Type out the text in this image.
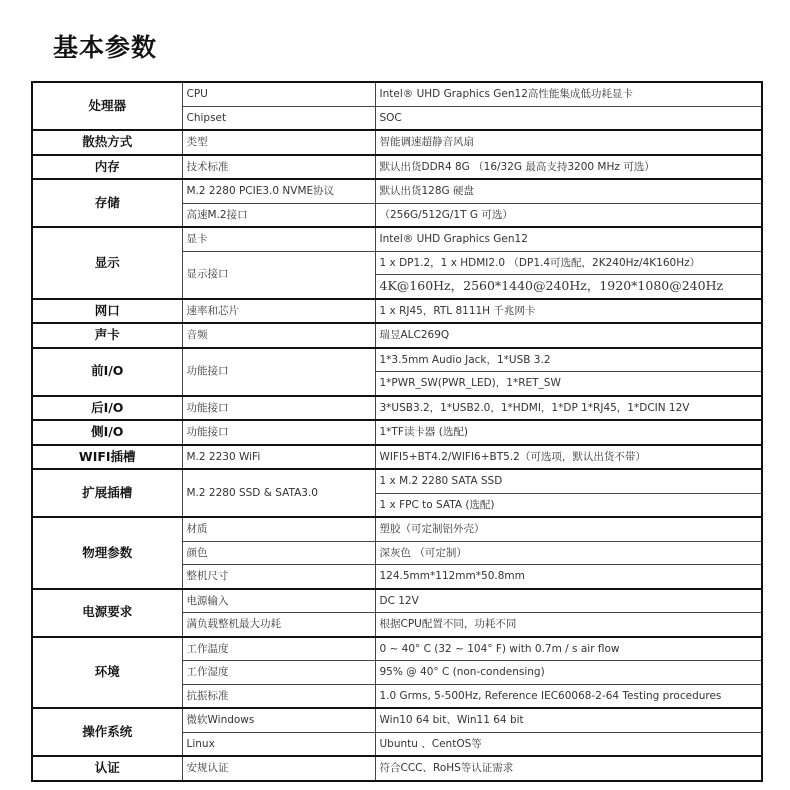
基本参数
处理器	CPU	Intel® UHD Graphics Gen12高性能集成低功耗显卡
	Chipset	SOC
散热方式	类型	智能调速超静音风扇
内存	技术标准	默认出货DDR4 8G （16/32G 最高支持3200 MHz 可选）
存储	M.2 2280 PCIE3.0 NVME协议	默认出货128G 硬盘
	高速M.2接口	（256G/512G/1T G 可选）
显示	显卡	Intel® UHD Graphics Gen12
	显示接口	1 x DP1.2，1 x HDMI2.0 （DP1.4可选配，2K240Hz/4K160Hz）
		4K@160Hz，2560*1440@240Hz，1920*1080@240Hz
网口	速率和芯片	1 x RJ45，RTL 8111H 千兆网卡
声卡	音频	瑞昱ALC269Q
前I/O	功能接口	1*3.5mm Audio Jack，1*USB 3.2
		1*PWR_SW(PWR_LED)，1*RET_SW
后I/O	功能接口	3*USB3.2，1*USB2.0，1*HDMI，1*DP 1*RJ45，1*DCIN 12V
侧I/O	功能接口	1*TF读卡器 (选配)
WIFI插槽	M.2 2230 WiFi	WIFI5+BT4.2/WIFI6+BT5.2（可选项，默认出货不带）
扩展插槽	M.2 2280 SSD & SATA3.0	1 x M.2 2280 SATA SSD
		1 x FPC to SATA (选配)
物理参数	材质	塑胶（可定制铝外壳）
	颜色	深灰色 （可定制）
	整机尺寸	124.5mm*112mm*50.8mm
电源要求	电源输入	DC 12V
	满负载整机最大功耗	根据CPU配置不同，功耗不同
环境	工作温度	0 ~ 40° C (32 ~ 104° F) with 0.7m / s air flow
	工作湿度	95% @ 40° C (non-condensing)
	抗振标准	1.0 Grms, 5-500Hz, Reference IEC60068-2-64 Testing procedures
操作系统	微软Windows	Win10 64 bit、Win11 64 bit
	Linux	Ubuntu 、CentOS等
认证	安规认证	符合CCC、RoHS等认证需求
